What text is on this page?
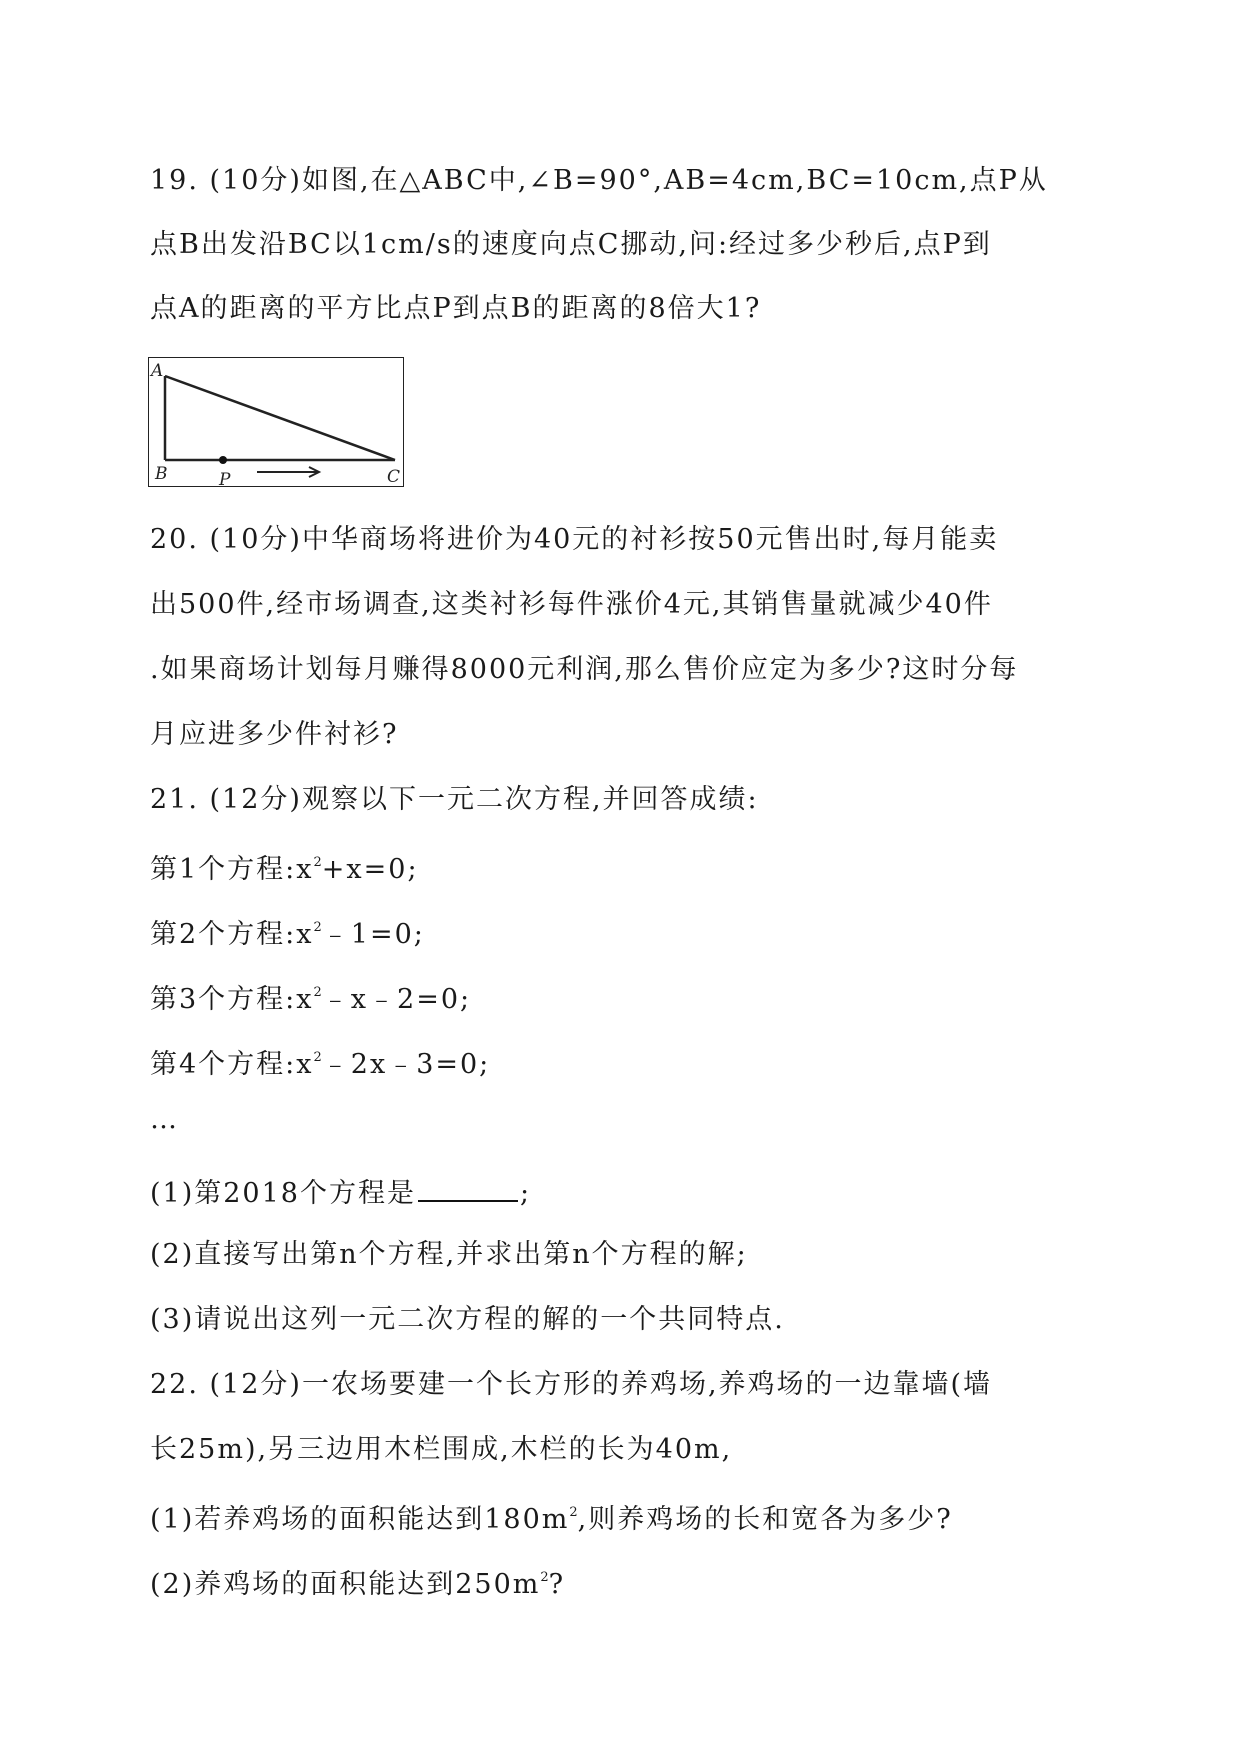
19. (10分)如图,在△ABC中,∠B=90°,AB=4cm,BC=10cm,点P从
点B出发沿BC以1cm/s的速度向点C挪动,问:经过多少秒后,点P到
点A的距离的平方比点P到点B的距离的8倍大1?
A
B	P	C
20. (10分)中华商场将进价为40元的衬衫按50元售出时,每月能卖
出500件,经市场调查,这类衬衫每件涨价4元,其销售量就减少40件
.如果商场计划每月赚得8000元利润,那么售价应定为多少?这时分每
月应进多少件衬衫?
21. (12分)观察以下一元二次方程,并回答成绩:
第1个方程$:x^2+x=0$;
第2个方程$:x^2﹣1=0$;
第3个方程$:x^2﹣x﹣2=0$;
第4个方程$:x^2﹣2x﹣3=0$;
…
(1)第2018个方程是	;
(2)直接写出第n个方程,并求出第n个方程的解;
(3)请说出这列一元二次方程的解的一个共同特点.
22. (12分)一农场要建一个长方形的养鸡场,养鸡场的一边靠墙(墙
长25m),另三边用木栏围成,木栏的长为40m,
(1)若养鸡场的面积能达到$180m^2$,则养鸡场的长和宽各为多少?
(2)养鸡场的面积能达到$250m^2$?
